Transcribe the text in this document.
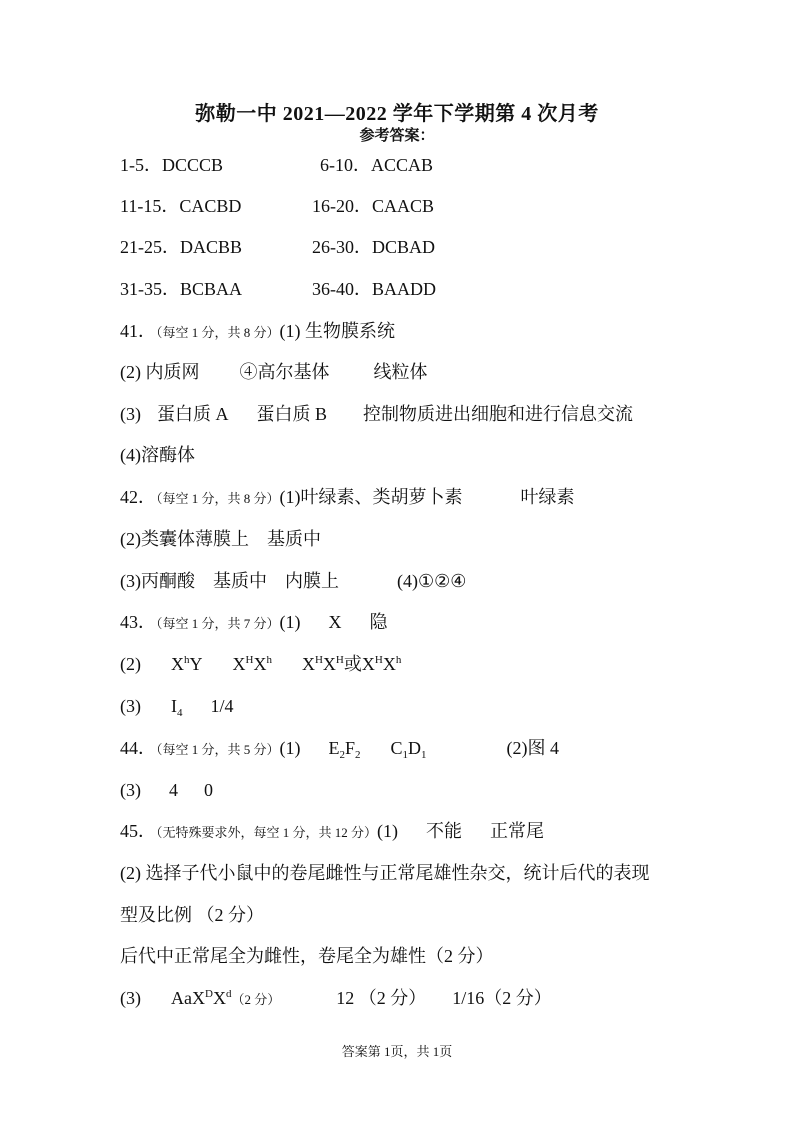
弥勒一中 2021—2022 学年下学期第 4 次月考
参考答案：
1-5．DCCCB	6-10．ACCAB
11-15．CACBD	16-20．CAACB
21-25．DACBB	26-30．DCBAD
31-35．BCBAA	36-40．BAADD
41．（每空 1 分，共 8 分）(1) 生物膜系统
(2) 内质网 ④高尔基体 线粒体
(3) 蛋白质 A 蛋白质 B 控制物质进出细胞和进行信息交流
(4)溶酶体
42．（每空 1 分，共 8 分）(1)叶绿素、类胡萝卜素	叶绿素
(2)类囊体薄膜上 基质中
(3)丙酮酸 基质中 内膜上	(4)①②④
43．（每空 1 分，共 7 分）(1) X 隐
(2) $X^hY$ $X^HX^h$ $X^HX^H$或$X^HX^h$
(3) $I_4$ 1/4
44．（每空 1 分，共 5 分）(1) $E_2F_2$ $C_1D_1$	(2)图 4
(3) 4 0
45．（无特殊要求外，每空 1 分，共 12 分）(1) 不能 正常尾
(2) 选择子代小鼠中的卷尾雌性与正常尾雄性杂交，统计后代的表现
型及比例 （2 分）
后代中正常尾全为雌性，卷尾全为雄性（2 分）
(3) $AaX^DX^d(2$ 分）	12 （2 分） 1/16（2 分）
答案第 1页，共 1页
